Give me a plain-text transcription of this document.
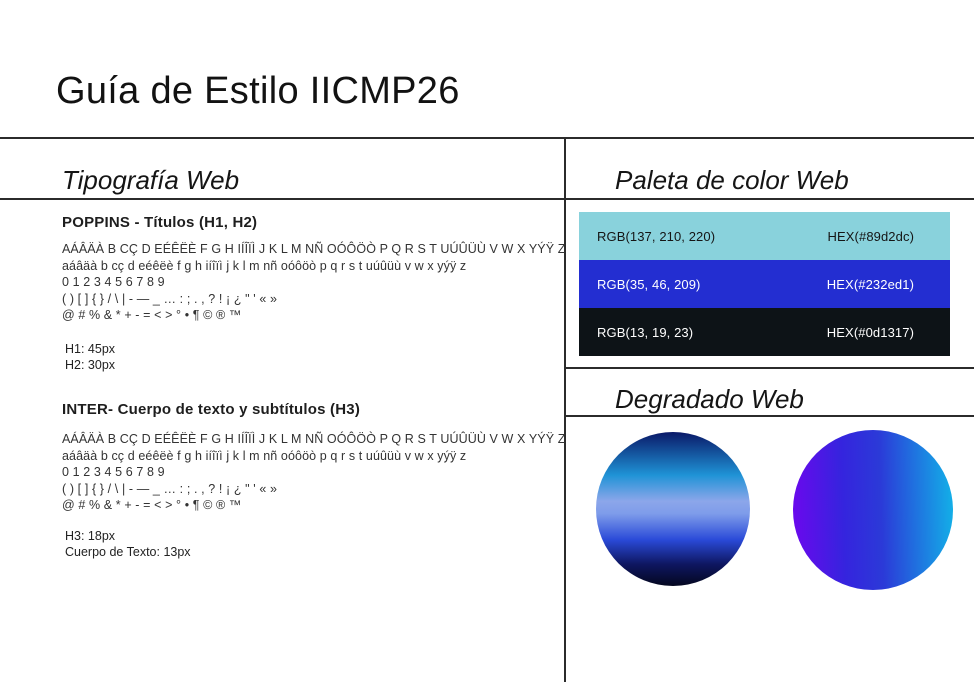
Guía de Estilo IICMP26
Tipografía Web
POPPINS - Títulos (H1, H2)

AÁÂÄÀ B CÇ D EÉÊËÈ F G H IÍÎÏÌ J K L M NÑ OÓÔÖÒ P Q R S T UÚÛÜÙ V W X YÝŸ Z

aáâäà b cç d eéêëè f g h iíîïì j k l m nñ oóôöò p q r s t uúûüù v w x yýÿ z

0 1 2 3 4 5 6 7 8 9

( ) [ ] { } / \ | - — _ … : ; . , ? ! ¡ ¿ " ' « »

@ # % & * + - = < > ° • ¶ © ® ™

H1: 45px

H2: 30px

INTER- Cuerpo de texto y subtítulos (H3)

AÁÂÄÀ B CÇ D EÉÊËÈ F G H IÍÎÏÌ J K L M NÑ OÓÔÖÒ P Q R S T UÚÛÜÙ V W X YÝŸ Z

aáâäà b cç d eéêëè f g h iíîïì j k l m nñ oóôöò p q r s t uúûüù v w x yýÿ z

0 1 2 3 4 5 6 7 8 9

( ) [ ] { } / \ | - — _ … : ; . , ? ! ¡ ¿ " ' « »

@ # % & * + - = < > ° • ¶ © ® ™

H3: 18px

Cuerpo de Texto: 13px

Paleta de color Web
RGB(137, 210, 220)	HEX(#89d2dc)
RGB(35, 46, 209)	HEX(#232ed1)
RGB(13, 19, 23)	HEX(#0d1317)
Degradado Web
